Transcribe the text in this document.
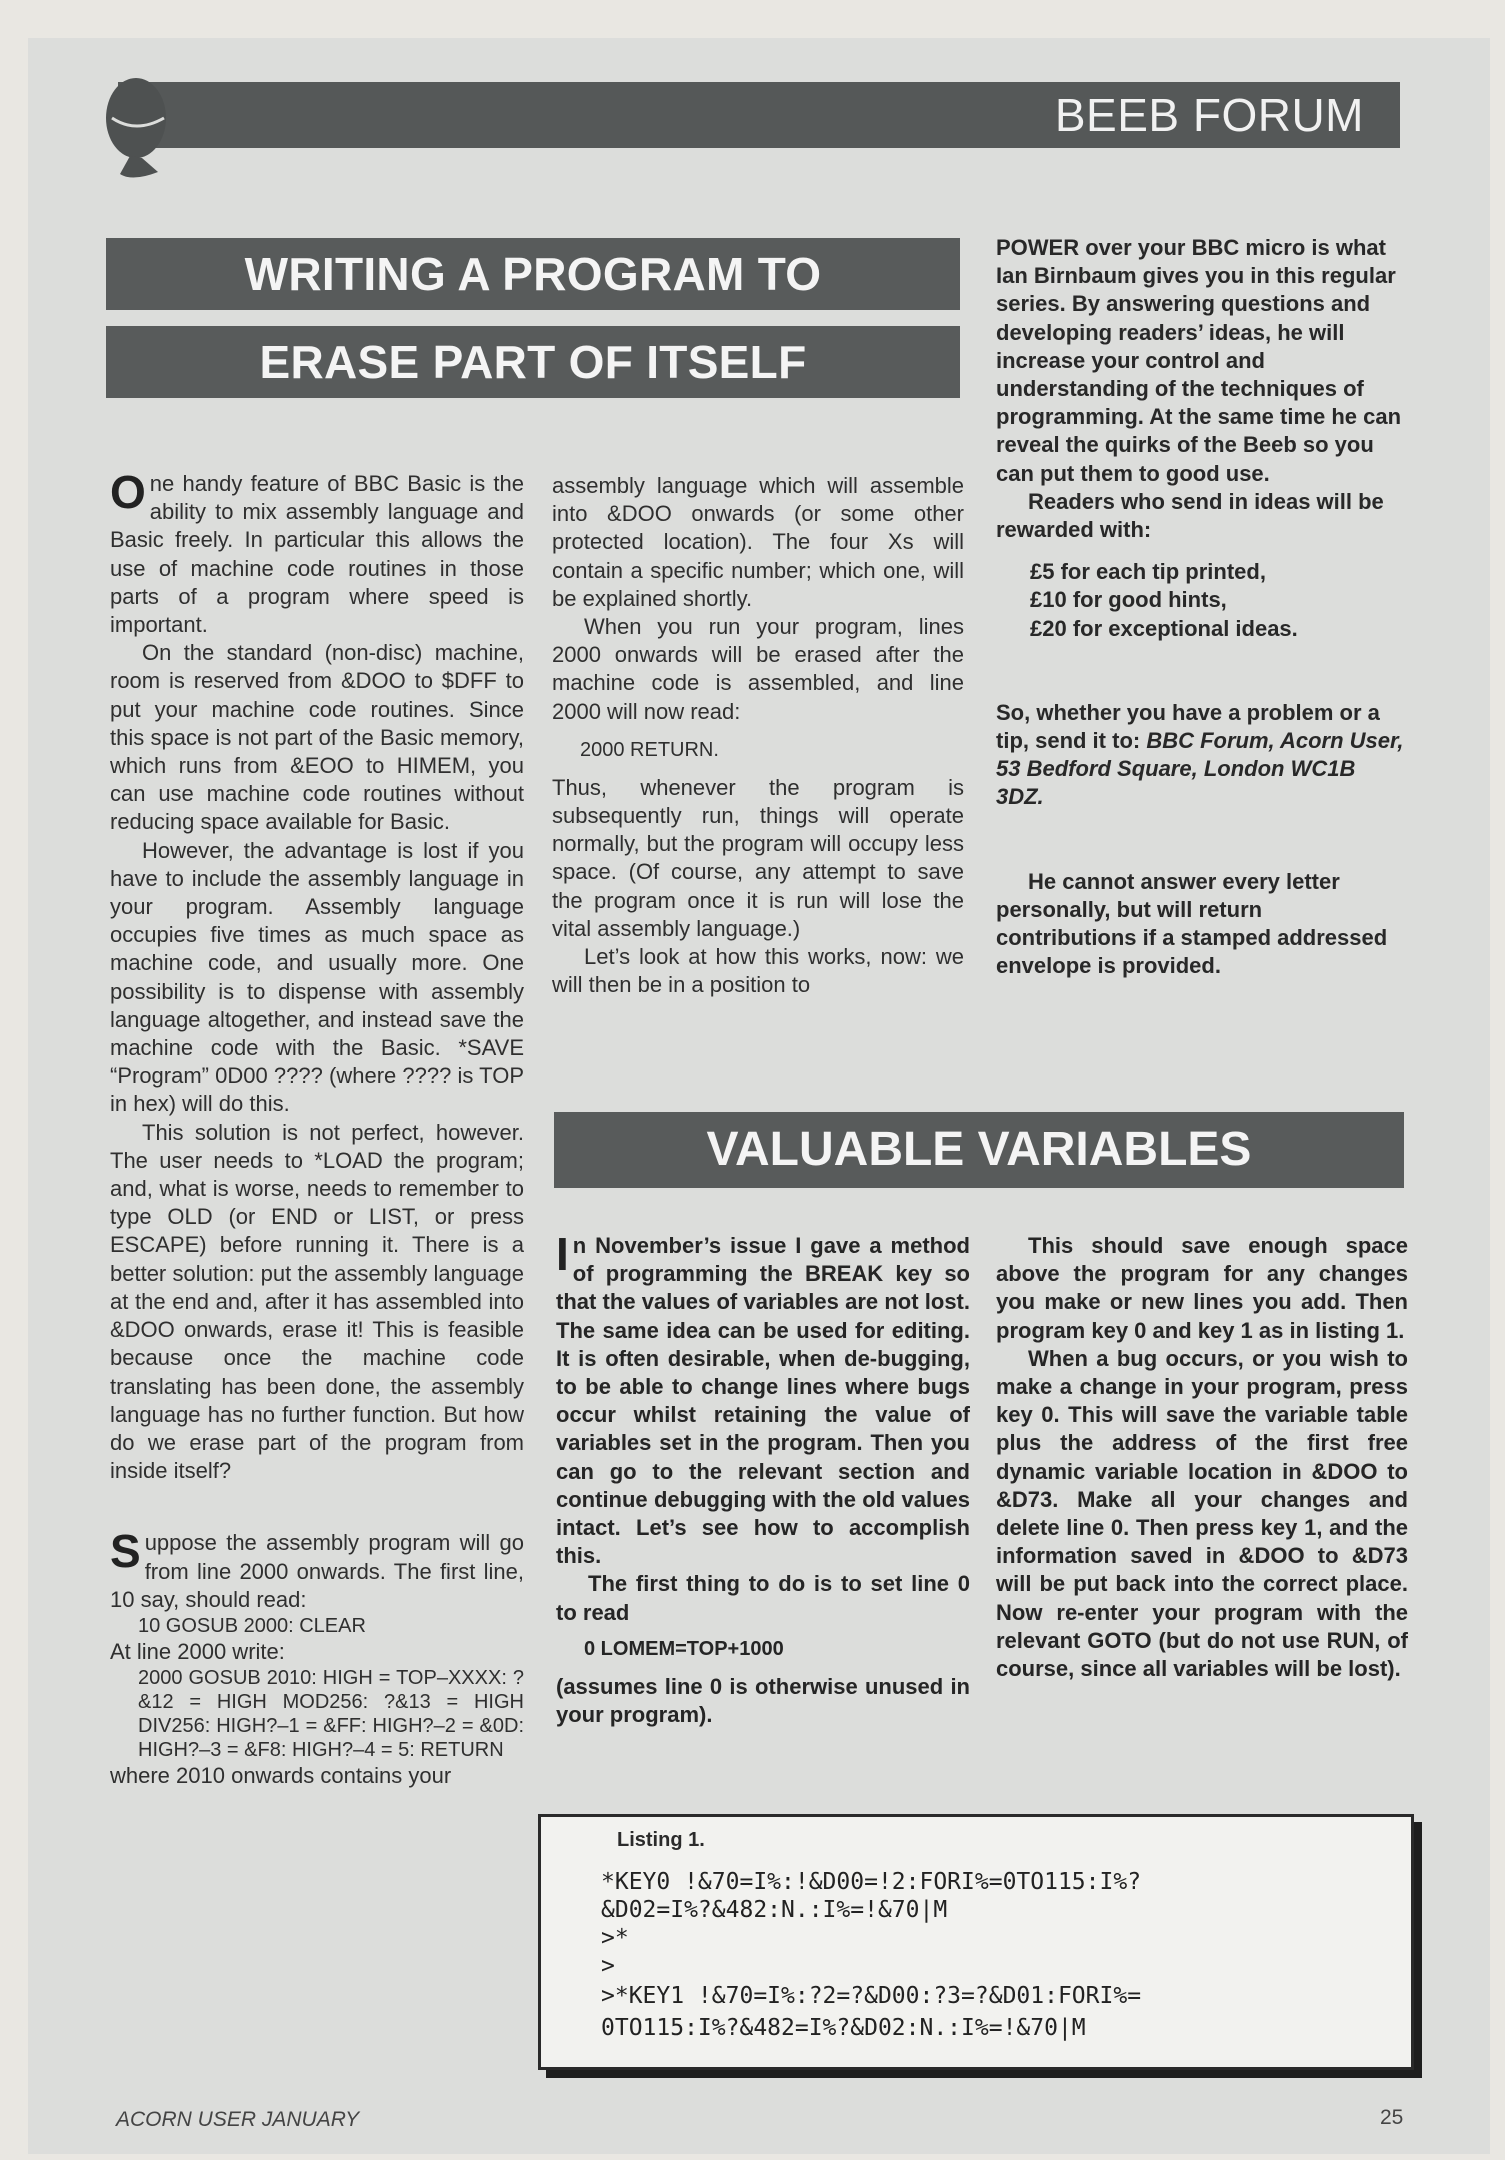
BEEB FORUM
WRITING A PROGRAM TO
ERASE PART OF ITSELF

One handy feature of BBC Basic is the ability to mix assembly language and Basic freely. In particular this allows the use of machine code routines in those parts of a program where speed is important.

On the standard (non-disc) machine, room is reserved from &DOO to $DFF to put your machine code routines. Since this space is not part of the Basic memory, which runs from &EOO to HIMEM, you can use machine code routines without reducing space available for Basic.

However, the advantage is lost if you have to include the assembly language in your program. Assembly language occupies five times as much space as machine code, and usually more. One possibility is to dispense with assembly language altogether, and instead save the machine code with the Basic. *SAVE “Program” 0D00 ???? (where ???? is TOP in hex) will do this.

This solution is not perfect, however. The user needs to *LOAD the program; and, what is worse, needs to remember to type OLD (or END or LIST, or press ESCAPE) before running it. There is a better solution: put the assembly language at the end and, after it has assembled into &DOO onwards, erase it! This is feasible because once the machine code translating has been done, the assembly language has no further function. But how do we erase part of the program from inside itself?

Suppose the assembly program will go from line 2000 onwards. The first line, 10 say, should read:

10 GOSUB 2000: CLEAR

At line 2000 write:

2000 GOSUB 2010: HIGH = TOP–XXXX: ?&12 = HIGH MOD256: ?&13 = HIGH DIV256: HIGH?–1 = &FF: HIGH?–2 = &0D: HIGH?–3 = &F8: HIGH?–4 = 5: RETURN

where 2010 onwards contains your

assembly language which will assemble into &DOO onwards (or some other protected location). The four Xs will contain a specific number; which one, will be explained shortly.

When you run your program, lines 2000 onwards will be erased after the machine code is assembled, and line 2000 will now read:

2000 RETURN.

Thus, whenever the program is subsequently run, things will operate normally, but the program will occupy less space. (Of course, any attempt to save the program once it is run will lose the vital assembly language.)

Let’s look at how this works, now: we will then be in a position to

POWER over your BBC micro is what Ian Birnbaum gives you in this regular series. By answering questions and developing readers’ ideas, he will increase your control and understanding of the techniques of programming. At the same time he can reveal the quirks of the Beeb so you can put them to good use.

Readers who send in ideas will be rewarded with:

£5 for each tip printed,

£10 for good hints,

£20 for exceptional ideas.

So, whether you have a problem or a tip, send it to: BBC Forum, Acorn User, 53 Bedford Square, London WC1B 3DZ.

He cannot answer every letter personally, but will return contributions if a stamped addressed envelope is provided.

VALUABLE VARIABLES

In November’s issue I gave a method of programming the BREAK key so that the values of variables are not lost. The same idea can be used for editing. It is often desirable, when de-bugging, to be able to change lines where bugs occur whilst retaining the value of variables set in the program. Then you can go to the relevant section and continue debugging with the old values intact. Let’s see how to accomplish this.

The first thing to do is to set line 0 to read

0 LOMEM=TOP+1000

(assumes line 0 is otherwise unused in your program).

This should save enough space above the program for any changes you make or new lines you add. Then program key 0 and key 1 as in listing 1.

When a bug occurs, or you wish to make a change in your program, press key 0. This will save the variable table plus the address of the first free dynamic variable location in &DOO to &D73. Make all your changes and delete line 0. Then press key 1, and the information saved in &DOO to &D73 will be put back into the correct place. Now re-enter your program with the relevant GOTO (but do not use RUN, of course, since all variables will be lost).

Listing 1.
*KEY0 !&70=I%:!&D00=!2:FORI%=0TO115:I%?
&D02=I%?&482:N.:I%=!&70|M
>*
>
>*KEY1 !&70=I%:?2=?&D00:?3=?&D01:FORI%=
0TO115:I%?&482=I%?&D02:N.:I%=!&70|M
ACORN USER JANUARY	25
